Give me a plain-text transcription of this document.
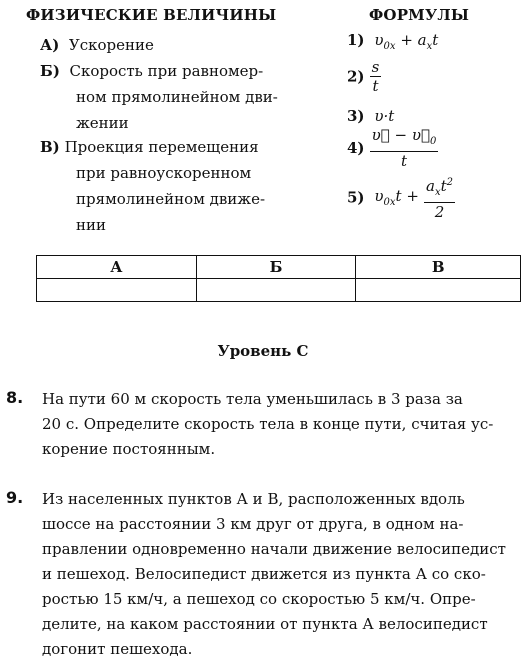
ФИЗИЧЕСКИЕ ВЕЛИЧИНЫ	ФОРМУЛЫ
А) Ускорение
Б) Скорость при равномер-
ном прямолинейном дви-
жении
В) Проекция перемещения
при равноускоренном
прямолинейном движе-
нии
1)  $\upsilon_{0x} + a_xt$
$2) \frac{s}{t}$
3)  υ·t
$4) \frac{\upsilon⃗ - \upsilon⃗_0}{t}$
5)  $\upsilon_{0x}t + \frac{a_xt^2}{2}$
А	Б	В

Уровень С
8. На пути 60 м скорость тела уменьшилась в 3 раза за
20 с. Определите скорость тела в конце пути, считая ус-
корение постоянным.
9. Из населенных пунктов А и В, расположенных вдоль
шоссе на расстоянии 3 км друг от друга, в одном на-
правлении одновременно начали движение велосипедист
и пешеход. Велосипедист движется из пункта А со ско-
ростью 15 км/ч, а пешеход со скоростью 5 км/ч. Опре-
делите, на каком расстоянии от пункта А велосипедист
догонит пешехода.
